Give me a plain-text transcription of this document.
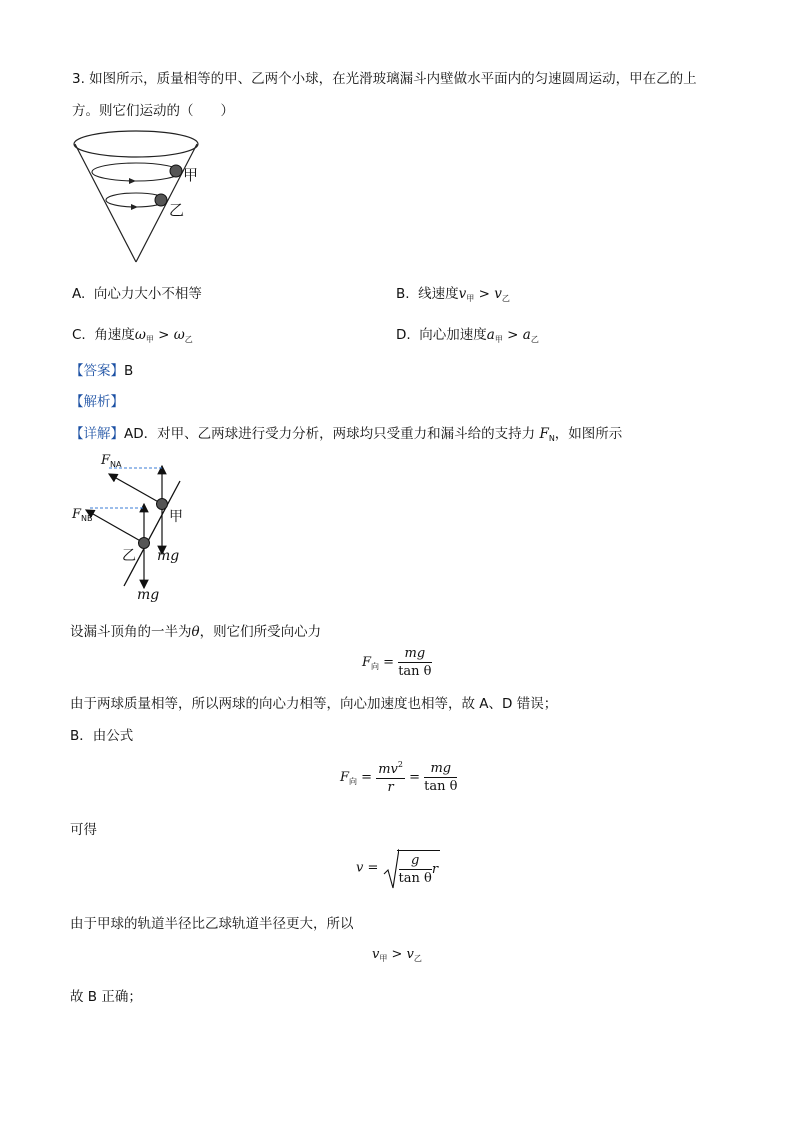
3. 如图所示，质量相等的甲、乙两个小球，在光滑玻璃漏斗内壁做水平面内的匀速圆周运动，甲在乙的上
方。则它们运动的（　　）
甲
乙
A. 向心力大小不相等	B. 线速度$v_甲 > v_乙$
C. 角速度$\omega_甲 > \omega_乙$	D. 向心加速度$a_甲 > a_乙$
【答案】B
【解析】
【详解】AD．对甲、乙两球进行受力分析，两球均只受重力和漏斗给的支持力 $F_N$，如图所示
$F_{NA}$
$F_{NB}$	甲
乙 mg
mg
设漏斗顶角的一半为θ，则它们所受向心力
$F_向 = \frac{mg}{\text{tan θ}}$
由于两球质量相等，所以两球的向心力相等，向心加速度也相等，故 A、D 错误；
B．由公式
$F_向 = \frac{mv^2}{r} = \frac{mg}{\text{tan θ}}$
可得
$v = \frac{g}{\text{tan θ}}$ r
由于甲球的轨道半径比乙球轨道半径更大，所以
$v_甲 > v_乙$
故 B 正确；
